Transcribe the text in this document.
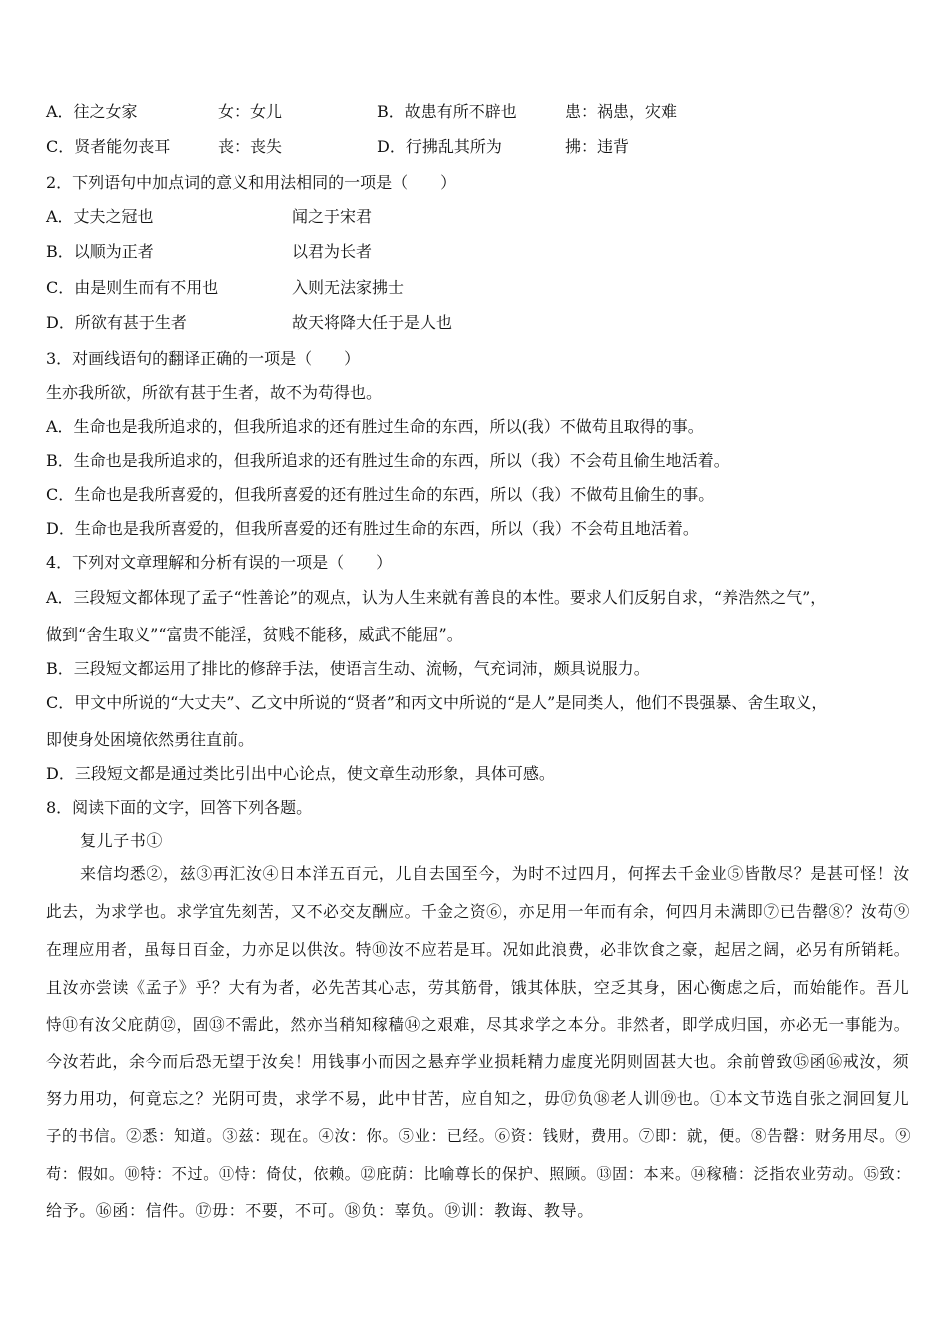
A．往之女家	女：女儿	B．故患有所不辟也	患：祸患，灾难
C．贤者能勿丧耳	丧：丧失	D．行拂乱其所为	拂：违背
2．下列语句中加点词的意义和用法相同的一项是（　　）
A．丈夫之冠也	闻之于宋君
B．以顺为正者	以君为长者
C．由是则生而有不用也	入则无法家拂士
D．所欲有甚于生者	故天将降大任于是人也
3．对画线语句的翻译正确的一项是（　　）
生亦我所欲，所欲有甚于生者，故不为苟得也。
A．生命也是我所追求的，但我所追求的还有胜过生命的东西，所以(我）不做苟且取得的事。
B．生命也是我所追求的，但我所追求的还有胜过生命的东西，所以（我）不会苟且偷生地活着。
C．生命也是我所喜爱的，但我所喜爱的还有胜过生命的东西，所以（我）不做苟且偷生的事。
D．生命也是我所喜爱的，但我所喜爱的还有胜过生命的东西，所以（我）不会苟且地活着。
4．下列对文章理解和分析有误的一项是（　　）
A．三段短文都体现了孟子“性善论”的观点，认为人生来就有善良的本性。要求人们反躬自求，“养浩然之气”，
做到“舍生取义”“富贵不能淫，贫贱不能移，威武不能屈”。
B．三段短文都运用了排比的修辞手法，使语言生动、流畅，气充词沛，颇具说服力。
C．甲文中所说的“大丈夫”、乙文中所说的“贤者”和丙文中所说的“是人”是同类人，他们不畏强暴、舍生取义，
即使身处困境依然勇往直前。
D．三段短文都是通过类比引出中心论点，使文章生动形象，具体可感。
8．阅读下面的文字，回答下列各题。
复儿子书①
来信均悉②，兹③再汇汝④日本洋五百元，儿自去国至今，为时不过四月，何挥去千金业⑤皆散尽？是甚可怪！汝
此去，为求学也。求学宜先刻苦，又不必交友酬应。千金之资⑥，亦足用一年而有余，何四月未满即⑦已告罄⑧？汝苟⑨
在理应用者，虽每日百金，力亦足以供汝。特⑩汝不应若是耳。况如此浪费，必非饮食之豪，起居之阔，必另有所销耗。
且汝亦尝读《孟子》乎？大有为者，必先苦其心志，劳其筋骨，饿其体肤，空乏其身，困心衡虑之后，而始能作。吾儿
恃⑪有汝父庇荫⑫，固⑬不需此，然亦当稍知稼穑⑭之艰难，尽其求学之本分。非然者，即学成归国，亦必无一事能为。
今汝若此，余今而后恐无望于汝矣！用钱事小而因之悬弃学业损耗精力虚度光阴则固甚大也。余前曾致⑮函⑯戒汝，须
努力用功，何竟忘之？光阴可贵，求学不易，此中甘苦，应自知之，毋⑰负⑱老人训⑲也。①本文节选自张之洞回复儿
子的书信。②悉：知道。③兹：现在。④汝：你。⑤业：已经。⑥资：钱财，费用。⑦即：就，便。⑧告罄：财务用尽。⑨
苟：假如。⑩特：不过。⑪恃：倚仗，依赖。⑫庇荫：比喻尊长的保护、照顾。⑬固：本来。⑭稼穑：泛指农业劳动。⑮致：
给予。⑯函：信件。⑰毋：不要，不可。⑱负：辜负。⑲训：教诲、教导。
